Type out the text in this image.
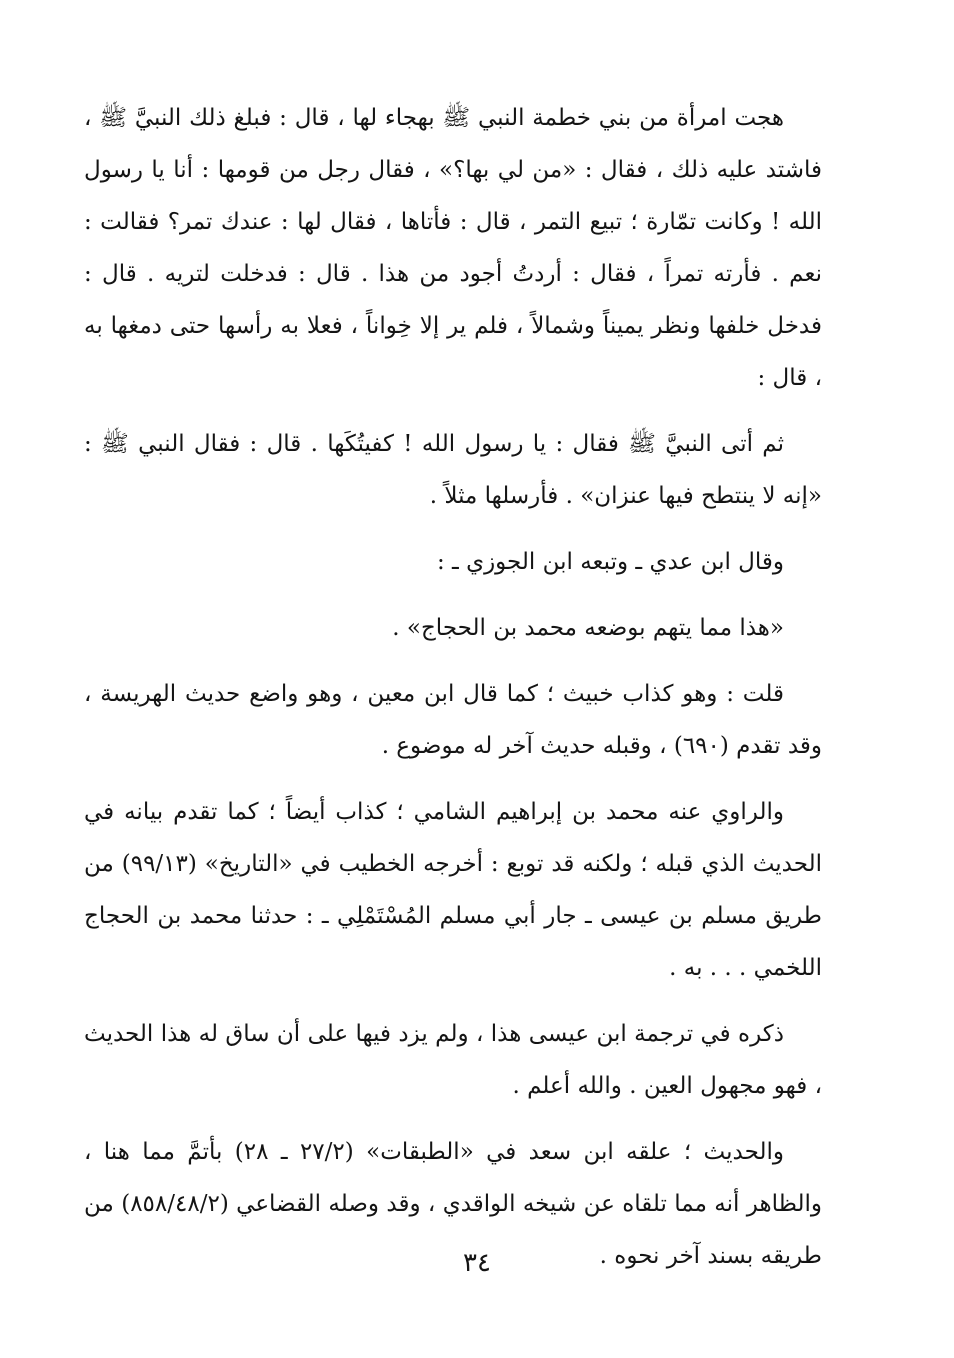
هجت امرأة من بني خطمة النبي ﷺ بهجاء لها ، قال : فبلغ ذلك النبيَّ ﷺ ، فاشتد عليه ذلك ، فقال : «من لي بها؟» ، فقال رجل من قومها : أنا يا رسول الله ! وكانت تمّارة ؛ تبيع التمر ، قال : فأتاها ، فقال لها : عندك تمر؟ فقالت : نعم . فأرته تمراً ، فقال : أردتُ أجود من هذا . قال : فدخلت لتريه . قال : فدخل خلفها ونظر يميناً وشمالاً ، فلم ير إلا خِواناً ، فعلا به رأسها حتى دمغها به ، قال :

ثم أتى النبيَّ ﷺ فقال : يا رسول الله ! كفيتُكَها . قال : فقال النبي ﷺ : «إنه لا ينتطح فيها عنزان» . فأرسلها مثلاً .

وقال ابن عدي ـ وتبعه ابن الجوزي ـ :

«هذا مما يتهم بوضعه محمد بن الحجاج» .

قلت : وهو كذاب خبيث ؛ كما قال ابن معين ، وهو واضع حديث الهريسة ، وقد تقدم (٦٩٠) ، وقبله حديث آخر له موضوع .

والراوي عنه محمد بن إبراهيم الشامي ؛ كذاب أيضاً ؛ كما تقدم بيانه في الحديث الذي قبله ؛ ولكنه قد توبع : أخرجه الخطيب في «التاريخ» (٩٩/١٣) من طريق مسلم بن عيسى ـ جار أبي مسلم المُسْتَمْلِي ـ : حدثنا محمد بن الحجاج اللخمي . . . به .

ذكره في ترجمة ابن عيسى هذا ، ولم يزد فيها على أن ساق له هذا الحديث ، فهو مجهول العين . والله أعلم .

والحديث ؛ علقه ابن سعد في «الطبقات» (٢٧/٢ ـ ٢٨) بأتمَّ مما هنا ، والظاهر أنه مما تلقاه عن شيخه الواقدي ، وقد وصله القضاعي (٨٥٨/٤٨/٢) من طريقه بسند آخر نحوه .

٣٤
